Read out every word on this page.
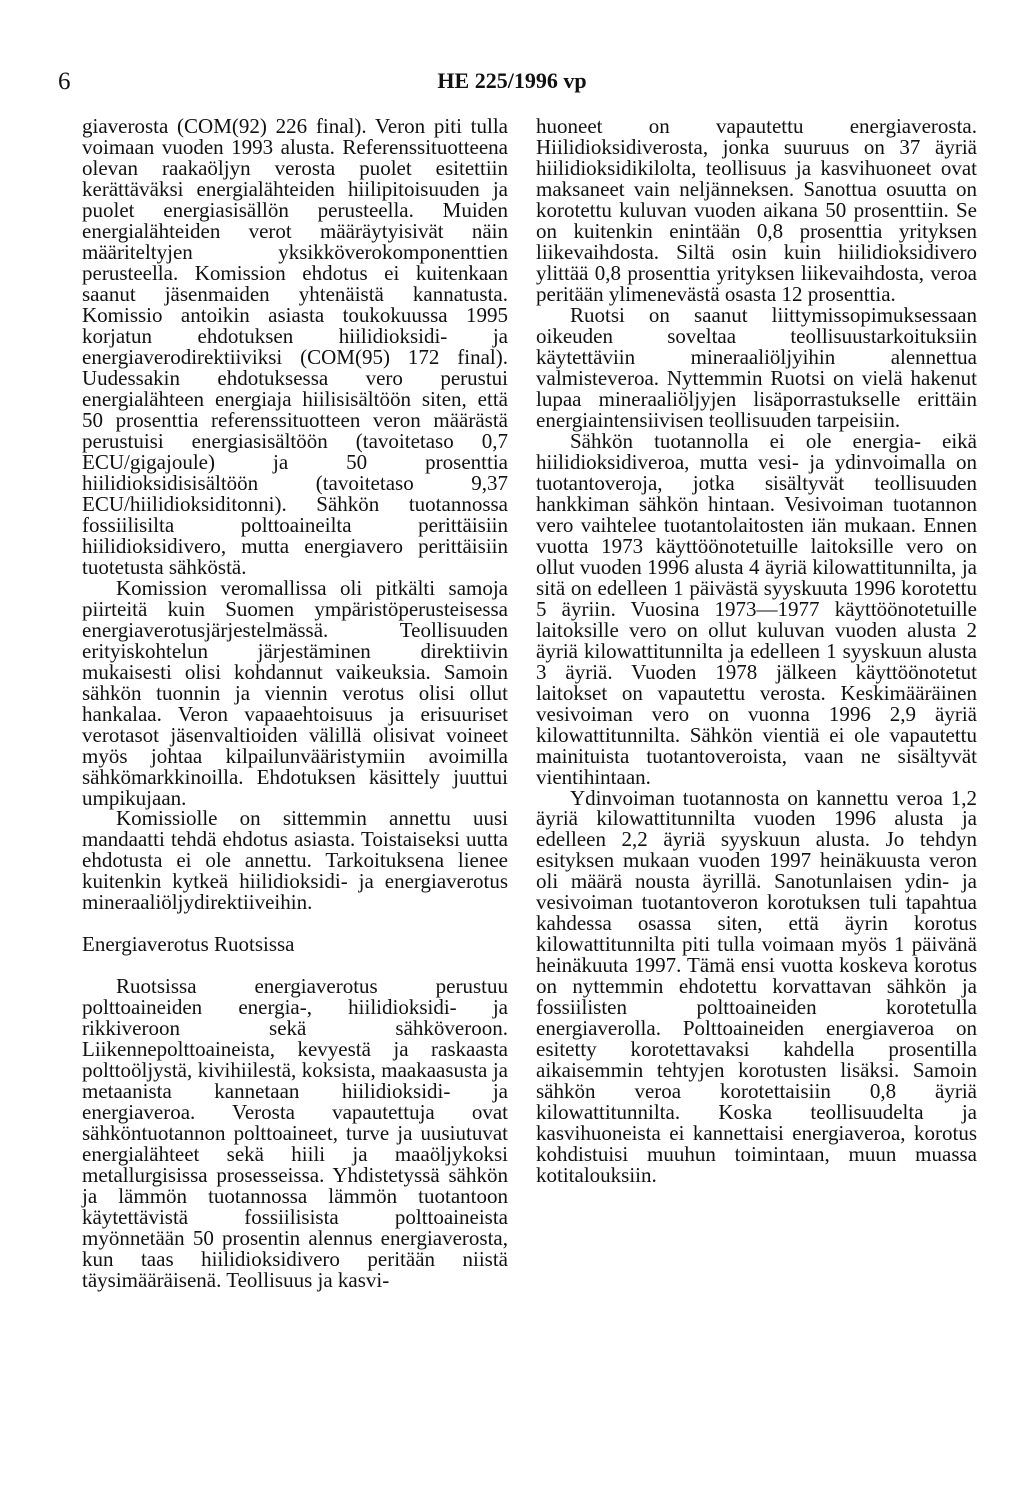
6	HE 225/1996 vp

giaverosta (COM(92) 226 final). Veron piti tulla voimaan vuoden 1993 alusta. Referenssituotteena olevan raakaöljyn verosta puolet esitettiin kerättäväksi energialähteiden hiilipitoisuuden ja puolet energiasisällön perusteella. Muiden energialähteiden verot määräytyisivät näin määriteltyjen yksikköverokomponenttien perusteella. Komission ehdotus ei kuitenkaan saanut jäsenmaiden yhtenäistä kannatusta. Komissio antoikin asiasta toukokuussa 1995 korjatun ehdotuksen hiilidioksidi- ja energiaverodirektiiviksi (COM(95) 172 final). Uudessakin ehdotuksessa vero perustui energialähteen energiaja hiilisisältöön siten, että 50 prosenttia referenssituotteen veron määrästä perustuisi energiasisältöön (tavoitetaso 0,7 ECU/gigajoule) ja 50 prosenttia hiilidioksidisisältöön (tavoitetaso 9,37 ECU/hiilidioksiditonni). Sähkön tuotannossa fossiilisilta polttoaineilta perittäisiin hiilidioksidivero, mutta energiavero perittäisiin tuotetusta sähköstä.

Komission veromallissa oli pitkälti samoja piirteitä kuin Suomen ympäristöperusteisessa energiaverotusjärjestelmässä. Teollisuuden erityiskohtelun järjestäminen direktiivin mukaisesti olisi kohdannut vaikeuksia. Samoin sähkön tuonnin ja viennin verotus olisi ollut hankalaa. Veron vapaaehtoisuus ja erisuuriset verotasot jäsenvaltioiden välillä olisivat voineet myös johtaa kilpailunvääristymiin avoimilla sähkömarkkinoilla. Ehdotuksen käsittely juuttui umpikujaan.

Komissiolle on sittemmin annettu uusi mandaatti tehdä ehdotus asiasta. Toistaiseksi uutta ehdotusta ei ole annettu. Tarkoituksena lienee kuitenkin kytkeä hiilidioksidi- ja energiaverotus mineraaliöljydirektiiveihin.

Energiaverotus Ruotsissa

Ruotsissa energiaverotus perustuu polttoaineiden energia-, hiilidioksidi- ja rikkiveroon sekä sähköveroon. Liikennepolttoaineista, kevyestä ja raskaasta polttoöljystä, kivihiilestä, koksista, maakaasusta ja metaanista kannetaan hiilidioksidi- ja energiaveroa. Verosta vapautettuja ovat sähköntuotannon polttoaineet, turve ja uusiutuvat energialähteet sekä hiili ja maaöljykoksi metallurgisissa prosesseissa. Yhdistetyssä sähkön ja lämmön tuotannossa lämmön tuotantoon käytettävistä fossiilisista polttoaineista myönnetään 50 prosentin alennus energiaverosta, kun taas hiilidioksidivero peritään niistä täysimääräisenä. Teollisuus ja kasvi-

huoneet on vapautettu energiaverosta. Hiilidioksidiverosta, jonka suuruus on 37 äyriä hiilidioksidikilolta, teollisuus ja kasvihuoneet ovat maksaneet vain neljänneksen. Sanottua osuutta on korotettu kuluvan vuoden aikana 50 prosenttiin. Se on kuitenkin enintään 0,8 prosenttia yrityksen liikevaihdosta. Siltä osin kuin hiilidioksidivero ylittää 0,8 prosenttia yrityksen liikevaihdosta, veroa peritään ylimenevästä osasta 12 prosenttia.

Ruotsi on saanut liittymissopimuksessaan oikeuden soveltaa teollisuustarkoituksiin käytettäviin mineraaliöljyihin alennettua valmisteveroa. Nyttemmin Ruotsi on vielä hakenut lupaa mineraaliöljyjen lisäporrastukselle erittäin energiaintensiivisen teollisuuden tarpeisiin.

Sähkön tuotannolla ei ole energia- eikä hiilidioksidiveroa, mutta vesi- ja ydinvoimalla on tuotantoveroja, jotka sisältyvät teollisuuden hankkiman sähkön hintaan. Vesivoiman tuotannon vero vaihtelee tuotantolaitosten iän mukaan. Ennen vuotta 1973 käyttöönotetuille laitoksille vero on ollut vuoden 1996 alusta 4 äyriä kilowattitunnilta, ja sitä on edelleen 1 päivästä syyskuuta 1996 korotettu 5 äyriin. Vuosina 1973—1977 käyttöönotetuille laitoksille vero on ollut kuluvan vuoden alusta 2 äyriä kilowattitunnilta ja edelleen 1 syyskuun alusta 3 äyriä. Vuoden 1978 jälkeen käyttöönotetut laitokset on vapautettu verosta. Keskimääräinen vesivoiman vero on vuonna 1996 2,9 äyriä kilowattitunnilta. Sähkön vientiä ei ole vapautettu mainituista tuotantoveroista, vaan ne sisältyvät vientihintaan.

Ydinvoiman tuotannosta on kannettu veroa 1,2 äyriä kilowattitunnilta vuoden 1996 alusta ja edelleen 2,2 äyriä syyskuun alusta. Jo tehdyn esityksen mukaan vuoden 1997 heinäkuusta veron oli määrä nousta äyrillä. Sanotunlaisen ydin- ja vesivoiman tuotantoveron korotuksen tuli tapahtua kahdessa osassa siten, että äyrin korotus kilowattitunnilta piti tulla voimaan myös 1 päivänä heinäkuuta 1997. Tämä ensi vuotta koskeva korotus on nyttemmin ehdotettu korvattavan sähkön ja fossiilisten polttoaineiden korotetulla energiaverolla. Polttoaineiden energiaveroa on esitetty korotettavaksi kahdella prosentilla aikaisemmin tehtyjen korotusten lisäksi. Samoin sähkön veroa korotettaisiin 0,8 äyriä kilowattitunnilta. Koska teollisuudelta ja kasvihuoneista ei kannettaisi energiaveroa, korotus kohdistuisi muuhun toimintaan, muun muassa kotitalouksiin.
